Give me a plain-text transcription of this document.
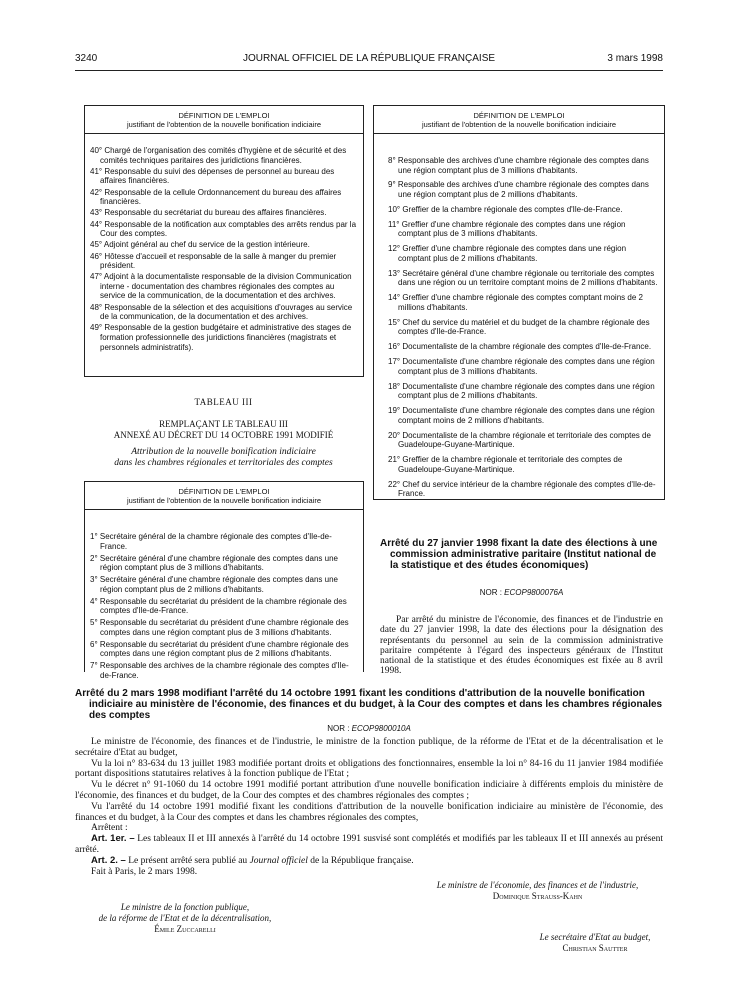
3240	JOURNAL OFFICIEL DE LA RÉPUBLIQUE FRANÇAISE	3 mars 1998
DÉFINITION DE L'EMPLOI
justifiant de l'obtention de la nouvelle bonification indiciaire
40° Chargé de l'organisation des comités d'hygiène et de sécurité et des comités techniques paritaires des juridictions financières.
41° Responsable du suivi des dépenses de personnel au bureau des affaires financières.
42° Responsable de la cellule Ordonnancement du bureau des affaires financières.
43° Responsable du secrétariat du bureau des affaires financières.
44° Responsable de la notification aux comptables des arrêts rendus par la Cour des comptes.
45° Adjoint général au chef du service de la gestion intérieure.
46° Hôtesse d'accueil et responsable de la salle à manger du premier président.
47° Adjoint à la documentaliste responsable de la division Communication interne - documentation des chambres régionales des comptes au service de la communication, de la documentation et des archives.
48° Responsable de la sélection et des acquisitions d'ouvrages au service de la communication, de la documentation et des archives.
49° Responsable de la gestion budgétaire et administrative des stages de formation professionnelle des juridictions financières (magistrats et personnels administratifs).
TABLEAU III
REMPLAÇANT LE TABLEAU III
ANNEXÉ AU DÉCRET DU 14 OCTOBRE 1991 MODIFIÉ
Attribution de la nouvelle bonification indiciaire
dans les chambres régionales et territoriales des comptes
DÉFINITION DE L'EMPLOI
justifiant de l'obtention de la nouvelle bonification indiciaire
1° Secrétaire général de la chambre régionale des comptes d'Ile-de-France.
2° Secrétaire général d'une chambre régionale des comptes dans une région comptant plus de 3 millions d'habitants.
3° Secrétaire général d'une chambre régionale des comptes dans une région comptant plus de 2 millions d'habitants.
4° Responsable du secrétariat du président de la chambre régionale des comptes d'Ile-de-France.
5° Responsable du secrétariat du président d'une chambre régionale des comptes dans une région comptant plus de 3 millions d'habitants.
6° Responsable du secrétariat du président d'une chambre régionale des comptes dans une région comptant plus de 2 millions d'habitants.
7° Responsable des archives de la chambre régionale des comptes d'Ile-de-France.
DÉFINITION DE L'EMPLOI
justifiant de l'obtention de la nouvelle bonification indiciaire
8° Responsable des archives d'une chambre régionale des comptes dans une région comptant plus de 3 millions d'habitants.
9° Responsable des archives d'une chambre régionale des comptes dans une région comptant plus de 2 millions d'habitants.
10° Greffier de la chambre régionale des comptes d'Ile-de-France.
11° Greffier d'une chambre régionale des comptes dans une région comptant plus de 3 millions d'habitants.
12° Greffier d'une chambre régionale des comptes dans une région comptant plus de 2 millions d'habitants.
13° Secrétaire général d'une chambre régionale ou territoriale des comptes dans une région ou un territoire comptant moins de 2 millions d'habitants.
14° Greffier d'une chambre régionale des comptes comptant moins de 2 millions d'habitants.
15° Chef du service du matériel et du budget de la chambre régionale des comptes d'Ile-de-France.
16° Documentaliste de la chambre régionale des comptes d'Ile-de-France.
17° Documentaliste d'une chambre régionale des comptes dans une région comptant plus de 3 millions d'habitants.
18° Documentaliste d'une chambre régionale des comptes dans une région comptant plus de 2 millions d'habitants.
19° Documentaliste d'une chambre régionale des comptes dans une région comptant moins de 2 millions d'habitants.
20° Documentaliste de la chambre régionale et territoriale des comptes de Guadeloupe-Guyane-Martinique.
21° Greffier de la chambre régionale et territoriale des comptes de Guadeloupe-Guyane-Martinique.
22° Chef du service intérieur de la chambre régionale des comptes d'Ile-de-France.
Arrêté du 27 janvier 1998 fixant la date des élections à une commission administrative paritaire (Institut national de la statistique et des études économiques)
NOR : ECOP9800076A
Par arrêté du ministre de l'économie, des finances et de l'industrie en date du 27 janvier 1998, la date des élections pour la désignation des représentants du personnel au sein de la commission administrative paritaire compétente à l'égard des inspecteurs généraux de l'Institut national de la statistique et des études économiques est fixée au 8 avril 1998.
Arrêté du 2 mars 1998 modifiant l'arrêté du 14 octobre 1991 fixant les conditions d'attribution de la nouvelle bonification indiciaire au ministère de l'économie, des finances et du budget, à la Cour des comptes et dans les chambres régionales des comptes
NOR : ECOP9800010A
Le ministre de l'économie, des finances et de l'industrie, le ministre de la fonction publique, de la réforme de l'Etat et de la décentralisation et le secrétaire d'Etat au budget,
Vu la loi n° 83-634 du 13 juillet 1983 modifiée portant droits et obligations des fonctionnaires, ensemble la loi n° 84-16 du 11 janvier 1984 modifiée portant dispositions statutaires relatives à la fonction publique de l'Etat ;
Vu le décret n° 91-1060 du 14 octobre 1991 modifié portant attribution d'une nouvelle bonification indiciaire à différents emplois du ministère de l'économie, des finances et du budget, de la Cour des comptes et des chambres régionales des comptes ;
Vu l'arrêté du 14 octobre 1991 modifié fixant les conditions d'attribution de la nouvelle bonification indiciaire au ministère de l'économie, des finances et du budget, à la Cour des comptes et dans les chambres régionales des comptes,
Arrêtent :
Art. 1er. – Les tableaux II et III annexés à l'arrêté du 14 octobre 1991 susvisé sont complétés et modifiés par les tableaux II et III annexés au présent arrêté.
Art. 2. – Le présent arrêté sera publié au Journal officiel de la République française.
Fait à Paris, le 2 mars 1998.
Le ministre de l'économie, des finances et de l'industrie,
Dominique Strauss-Kahn
Le ministre de la fonction publique,
de la réforme de l'Etat et de la décentralisation,
Émile Zuccarelli
Le secrétaire d'Etat au budget,
Christian Sautter
